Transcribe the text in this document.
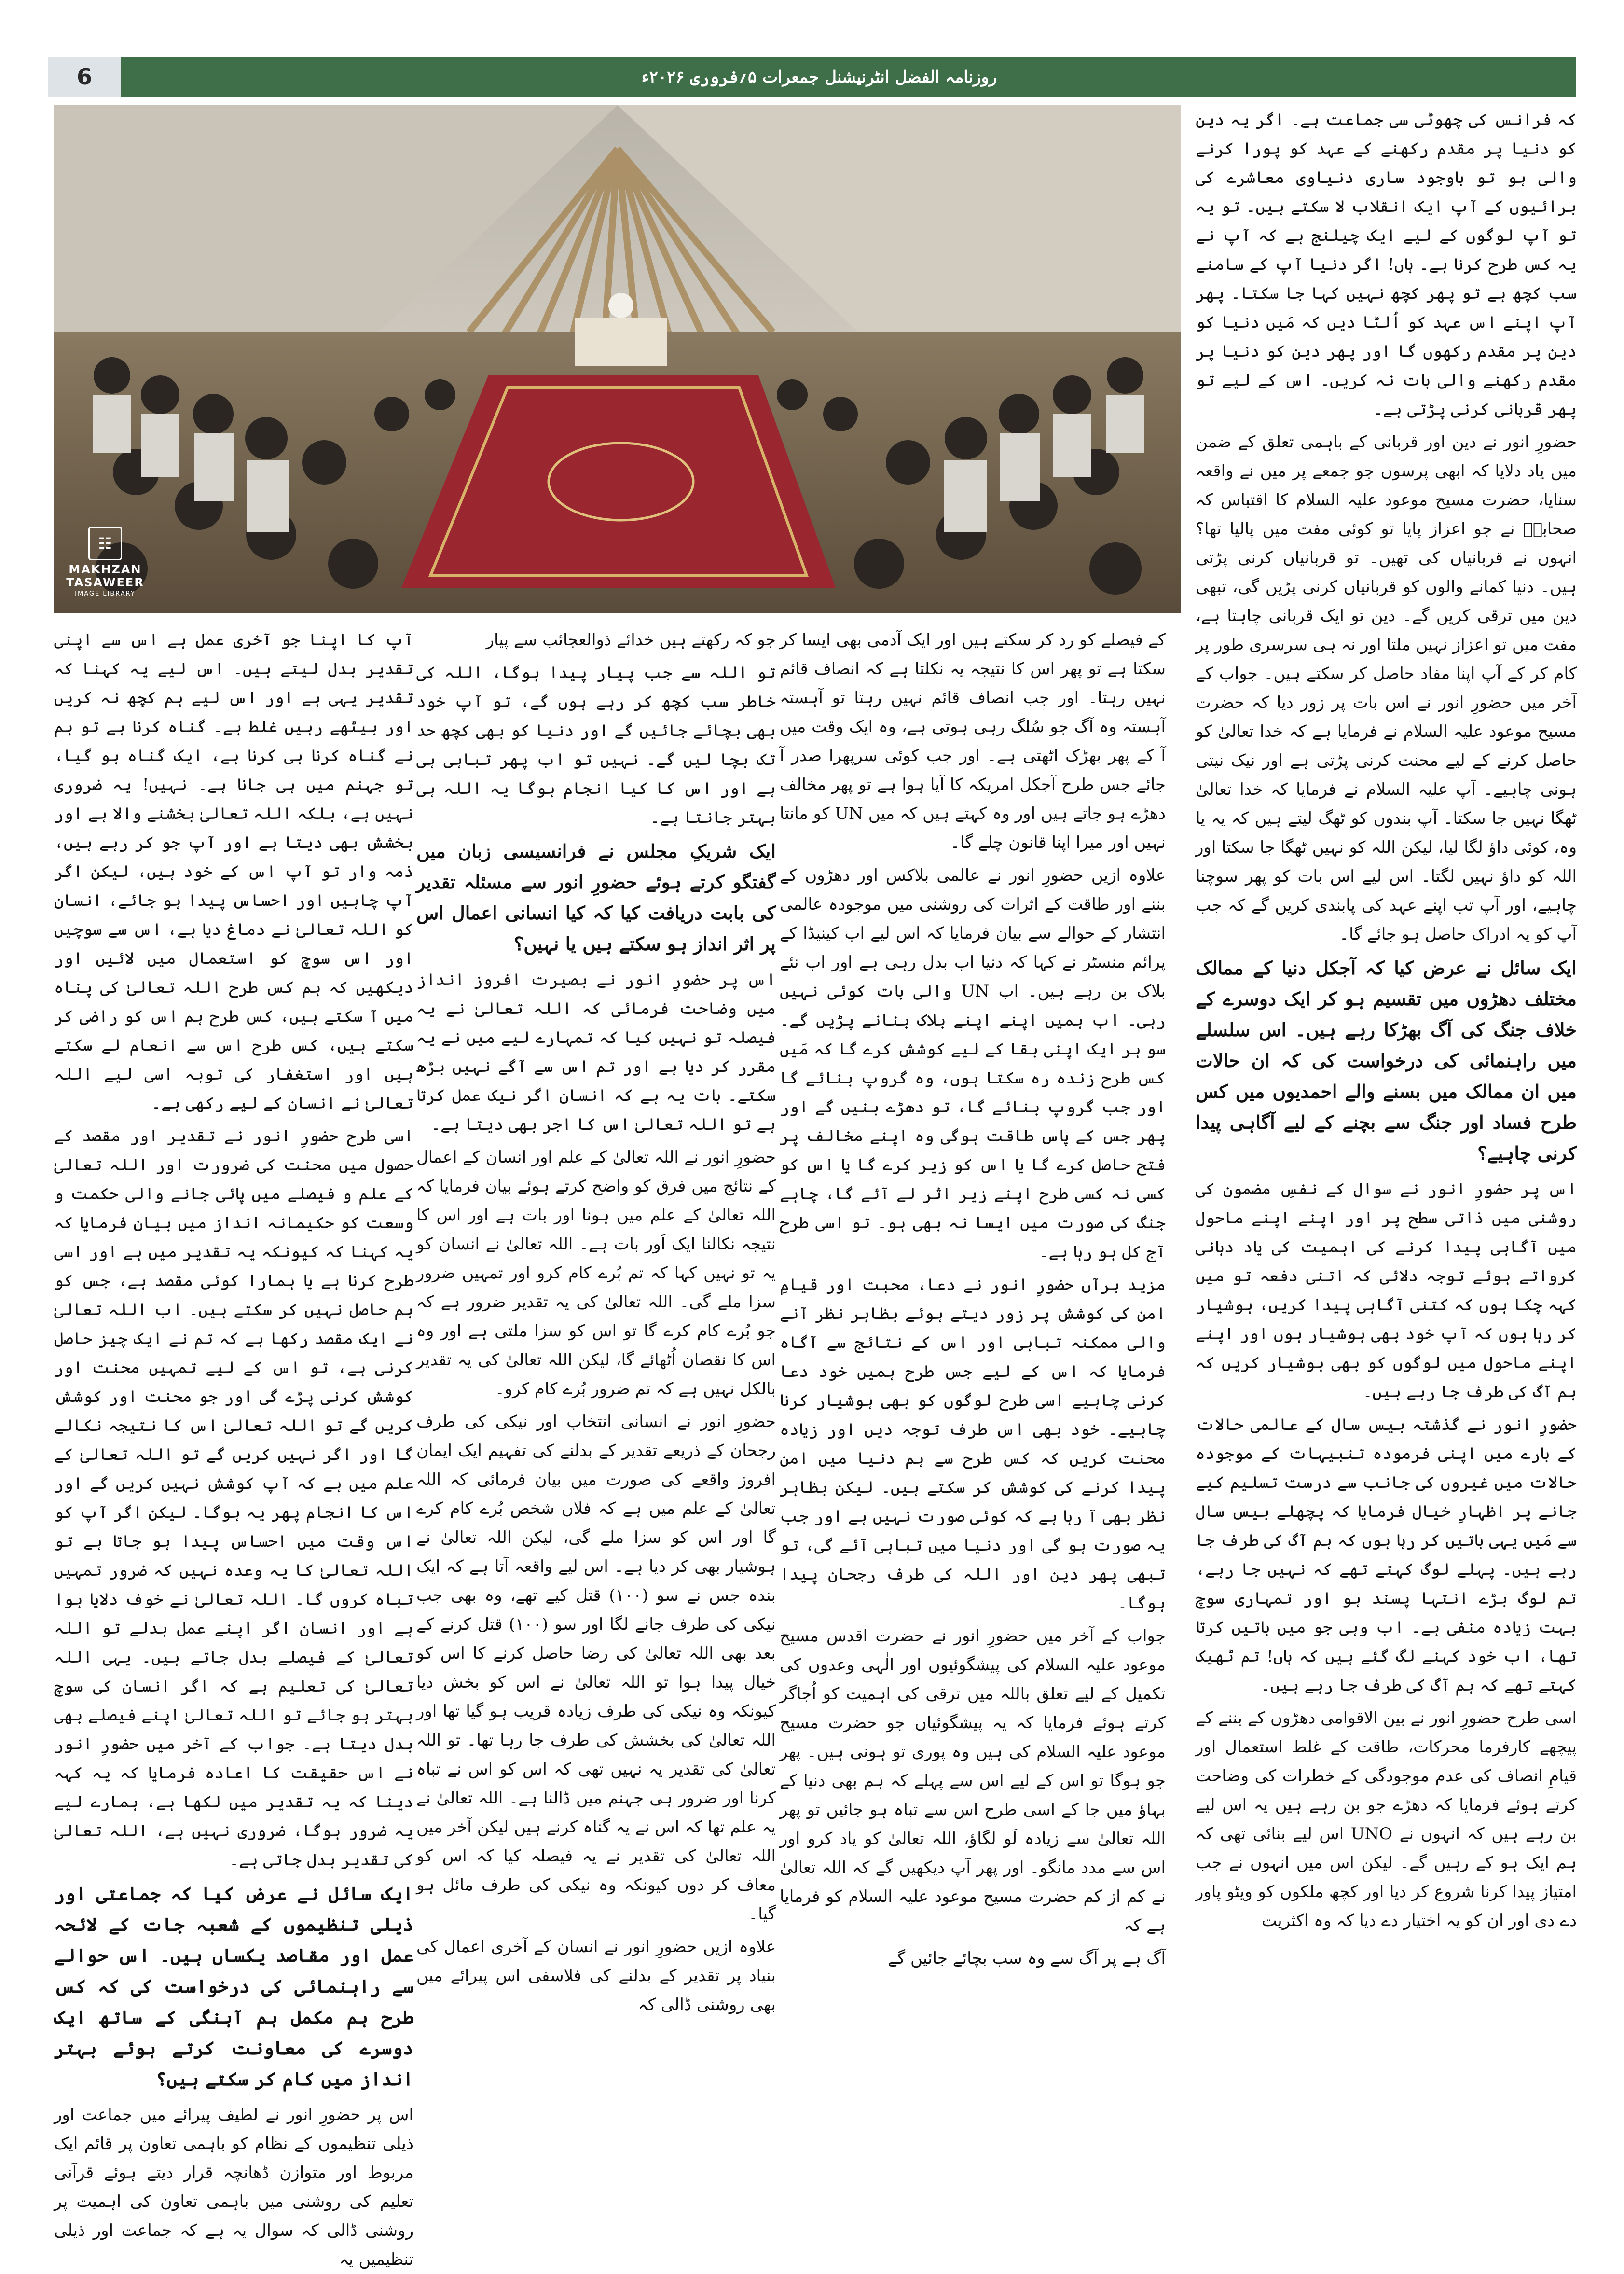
6	روزنامہ الفضل انٹرنیشنل جمعرات ۵؍فروری ۲۰۲۶ء
☷
MAKHZAN
TASAWEER
IMAGE LIBRARY

کہ فرانس کی چھوٹی سی جماعت ہے۔ اگر یہ دین کو دنیا پر مقدم رکھنے کے عہد کو پورا کرنے والی ہو تو باوجود ساری دنیاوی معاشرے کی برائیوں کے آپ ایک انقلاب لا سکتے ہیں۔ تو یہ تو آپ لوگوں کے لیے ایک چیلنج ہے کہ آپ نے یہ کس طرح کرنا ہے۔ ہاں! اگر دنیا آپ کے سامنے سب کچھ ہے تو پھر کچھ نہیں کہا جا سکتا۔ پھر آپ اپنے اس عہد کو اُلٹا دیں کہ مَیں دنیا کو دین پر مقدم رکھوں گا اور پھر دین کو دنیا پر مقدم رکھنے والی بات نہ کریں۔ اس کے لیے تو پھر قربانی کرنی پڑتی ہے۔

حضورِ انور نے دین اور قربانی کے باہمی تعلق کے ضمن میں یاد دلایا کہ ابھی پرسوں جو جمعے پر میں نے واقعہ سنایا، حضرت مسیح موعود علیہ السلام کا اقتباس کہ صحابہؓ نے جو اعزاز پایا تو کوئی مفت میں پالیا تھا؟ انہوں نے قربانیاں کی تھیں۔ تو قربانیاں کرنی پڑتی ہیں۔ دنیا کمانے والوں کو قربانیاں کرنی پڑیں گی، تبھی دین میں ترقی کریں گے۔ دین تو ایک قربانی چاہتا ہے، مفت میں تو اعزاز نہیں ملتا اور نہ ہی سرسری طور پر کام کر کے آپ اپنا مفاد حاصل کر سکتے ہیں۔ جواب کے آخر میں حضورِ انور نے اس بات پر زور دیا کہ حضرت مسیح موعود علیہ السلام نے فرمایا ہے کہ خدا تعالیٰ کو حاصل کرنے کے لیے محنت کرنی پڑتی ہے اور نیک نیتی ہونی چاہیے۔ آپ علیہ السلام نے فرمایا کہ خدا تعالیٰ ٹھگا نہیں جا سکتا۔ آپ بندوں کو ٹھگ لیتے ہیں کہ یہ یا وہ، کوئی داؤ لگا لیا، لیکن اللہ کو نہیں ٹھگا جا سکتا اور اللہ کو داؤ نہیں لگتا۔ اس لیے اس بات کو پھر سوچنا چاہیے، اور آپ تب اپنے عہد کی پابندی کریں گے کہ جب آپ کو یہ ادراک حاصل ہو جائے گا۔

ایک سائل نے عرض کیا کہ آجکل دنیا کے ممالک مختلف دھڑوں میں تقسیم ہو کر ایک دوسرے کے خلاف جنگ کی آگ بھڑکا رہے ہیں۔ اس سلسلے میں راہنمائی کی درخواست کی کہ ان حالات میں ان ممالک میں بسنے والے احمدیوں میں کس طرح فساد اور جنگ سے بچنے کے لیے آگاہی پیدا کرنی چاہیے؟

اس پر حضورِ انور نے سوال کے نفسِ مضمون کی روشنی میں ذاتی سطح پر اور اپنے اپنے ماحول میں آگاہی پیدا کرنے کی اہمیت کی یاد دہانی کرواتے ہوئے توجہ دلائی کہ اتنی دفعہ تو میں کہہ چکا ہوں کہ کتنی آگاہی پیدا کریں، ہوشیار کر رہا ہوں کہ آپ خود بھی ہوشیار ہوں اور اپنے اپنے ماحول میں لوگوں کو بھی ہوشیار کریں کہ ہم آگ کی طرف جا رہے ہیں۔

حضورِ انور نے گذشتہ بیس سال کے عالمی حالات کے بارے میں اپنی فرمودہ تنبیہات کے موجودہ حالات میں غیروں کی جانب سے درست تسلیم کیے جانے پر اظہارِ خیال فرمایا کہ پچھلے بیس سال سے مَیں یہی باتیں کر رہا ہوں کہ ہم آگ کی طرف جا رہے ہیں۔ پہلے لوگ کہتے تھے کہ نہیں جا رہے، تم لوگ بڑے انتہا پسند ہو اور تمہاری سوچ بہت زیادہ منفی ہے۔ اب وہی جو میں باتیں کرتا تھا، اب خود کہنے لگ گئے ہیں کہ ہاں! تم ٹھیک کہتے تھے کہ ہم آگ کی طرف جا رہے ہیں۔

اسی طرح حضورِ انور نے بین الاقوامی دھڑوں کے بننے کے پیچھے کارفرما محرکات، طاقت کے غلط استعمال اور قیامِ انصاف کی عدم موجودگی کے خطرات کی وضاحت کرتے ہوئے فرمایا کہ دھڑے جو بن رہے ہیں یہ اس لیے بن رہے ہیں کہ انہوں نے UNO اس لیے بنائی تھی کہ ہم ایک ہو کے رہیں گے۔ لیکن اس میں انہوں نے جب امتیاز پیدا کرنا شروع کر دیا اور کچھ ملکوں کو ویٹو پاور دے دی اور ان کو یہ اختیار دے دیا کہ وہ اکثریت

کے فیصلے کو رد کر سکتے ہیں اور ایک آدمی بھی ایسا کر سکتا ہے تو پھر اس کا نتیجہ یہ نکلتا ہے کہ انصاف قائم نہیں رہتا۔ اور جب انصاف قائم نہیں رہتا تو آہستہ آہستہ وہ آگ جو سُلگ رہی ہوتی ہے، وہ ایک وقت میں آ کے پھر بھڑک اٹھتی ہے۔ اور جب کوئی سرپھرا صدر آ جائے جس طرح آجکل امریکہ کا آیا ہوا ہے تو پھر مخالف دھڑے ہو جاتے ہیں اور وہ کہتے ہیں کہ میں UN کو مانتا نہیں اور میرا اپنا قانون چلے گا۔

علاوہ ازیں حضورِ انور نے عالمی بلاکس اور دھڑوں کے بننے اور طاقت کے اثرات کی روشنی میں موجودہ عالمی انتشار کے حوالے سے بیان فرمایا کہ اس لیے اب کینیڈا کے پرائم منسٹر نے کہا کہ دنیا اب بدل رہی ہے اور اب نئے بلاک بن رہے ہیں۔ اب UN والی بات کوئی نہیں رہی۔ اب ہمیں اپنے اپنے بلاک بنانے پڑیں گے۔ سو ہر ایک اپنی بقا کے لیے کوشش کرے گا کہ مَیں کس طرح زندہ رہ سکتا ہوں، وہ گروپ بنائے گا اور جب گروپ بنائے گا، تو دھڑے بنیں گے اور پھر جس کے پاس طاقت ہوگی وہ اپنے مخالف پر فتح حاصل کرے گا یا اس کو زیر کرے گا یا اس کو کسی نہ کسی طرح اپنے زیر اثر لے آئے گا، چاہے جنگ کی صورت میں ایسا نہ بھی ہو۔ تو اسی طرح آج کل ہو رہا ہے۔

مزید برآں حضورِ انور نے دعا، محبت اور قیامِ امن کی کوشش پر زور دیتے ہوئے بظاہر نظر آنے والی ممکنہ تباہی اور اس کے نتائج سے آگاہ فرمایا کہ اس کے لیے جس طرح ہمیں خود دعا کرنی چاہیے اسی طرح لوگوں کو بھی ہوشیار کرنا چاہیے۔ خود بھی اس طرف توجہ دیں اور زیادہ محنت کریں کہ کس طرح سے ہم دنیا میں امن پیدا کرنے کی کوشش کر سکتے ہیں۔ لیکن بظاہر نظر بھی آ رہا ہے کہ کوئی صورت نہیں ہے اور جب یہ صورت ہو گی اور دنیا میں تباہی آئے گی، تو تبھی پھر دین اور اللہ کی طرف رجحان پیدا ہوگا۔

جواب کے آخر میں حضورِ انور نے حضرت اقدس مسیح موعود علیہ السلام کی پیشگوئیوں اور الٰہی وعدوں کی تکمیل کے لیے تعلق باللہ میں ترقی کی اہمیت کو اُجاگر کرتے ہوئے فرمایا کہ یہ پیشگوئیاں جو حضرت مسیح موعود علیہ السلام کی ہیں وہ پوری تو ہونی ہیں۔ پھر جو ہوگا تو اس کے لیے اس سے پہلے کہ ہم بھی دنیا کے بہاؤ میں جا کے اسی طرح اس سے تباہ ہو جائیں تو پھر اللہ تعالیٰ سے زیادہ لَو لگاؤ، اللہ تعالیٰ کو یاد کرو اور اس سے مدد مانگو۔ اور پھر آپ دیکھیں گے کہ اللہ تعالیٰ نے کم از کم حضرت مسیح موعود علیہ السلام کو فرمایا ہے کہ

آگ ہے پر آگ سے وہ سب بچائے جائیں گے

جو کہ رکھتے ہیں خدائے ذوالعجائب سے پیار

تو اللہ سے جب پیار پیدا ہوگا، اللہ کی خاطر سب کچھ کر رہے ہوں گے، تو آپ خود بھی بچائے جائیں گے اور دنیا کو بھی کچھ حد تک بچا لیں گے۔ نہیں تو اب پھر تباہی ہی ہے اور اس کا کیا انجام ہوگا یہ اللہ ہی بہتر جانتا ہے۔

ایک شریکِ مجلس نے فرانسیسی زبان میں گفتگو کرتے ہوئے حضورِ انور سے مسئلہ تقدیر کی بابت دریافت کیا کہ کیا انسانی اعمال اس پر اثر انداز ہو سکتے ہیں یا نہیں؟

اس پر حضورِ انور نے بصیرت افروز انداز میں وضاحت فرمائی کہ اللہ تعالیٰ نے یہ فیصلہ تو نہیں کیا کہ تمہارے لیے میں نے یہ مقرر کر دیا ہے اور تم اس سے آگے نہیں بڑھ سکتے۔ بات یہ ہے کہ انسان اگر نیک عمل کرتا ہے تو اللہ تعالیٰ اس کا اجر بھی دیتا ہے۔

حضورِ انور نے اللہ تعالیٰ کے علم اور انسان کے اعمال کے نتائج میں فرق کو واضح کرتے ہوئے بیان فرمایا کہ اللہ تعالیٰ کے علم میں ہونا اور بات ہے اور اس کا نتیجہ نکالنا ایک اَور بات ہے۔ اللہ تعالیٰ نے انسان کو یہ تو نہیں کہا کہ تم بُرے کام کرو اور تمہیں ضرور سزا ملے گی۔ اللہ تعالیٰ کی یہ تقدیر ضرور ہے کہ جو بُرے کام کرے گا تو اس کو سزا ملتی ہے اور وہ اس کا نقصان اُٹھائے گا، لیکن اللہ تعالیٰ کی یہ تقدیر بالکل نہیں ہے کہ تم ضرور بُرے کام کرو۔

حضورِ انور نے انسانی انتخاب اور نیکی کی طرف رجحان کے ذریعے تقدیر کے بدلنے کی تفہیم ایک ایمان افروز واقعے کی صورت میں بیان فرمائی کہ اللہ تعالیٰ کے علم میں ہے کہ فلاں شخص بُرے کام کرے گا اور اس کو سزا ملے گی، لیکن اللہ تعالیٰ نے ہوشیار بھی کر دیا ہے۔ اس لیے واقعہ آتا ہے کہ ایک بندہ جس نے سو (۱۰۰) قتل کیے تھے، وہ بھی جب نیکی کی طرف جانے لگا اور سو (۱۰۰) قتل کرنے کے بعد بھی اللہ تعالیٰ کی رضا حاصل کرنے کا اس کو خیال پیدا ہوا تو اللہ تعالیٰ نے اس کو بخش دیا کیونکہ وہ نیکی کی طرف زیادہ قریب ہو گیا تھا اور اللہ تعالیٰ کی بخشش کی طرف جا رہا تھا۔ تو اللہ تعالیٰ کی تقدیر یہ نہیں تھی کہ اس کو اس نے تباہ کرنا اور ضرور ہی جہنم میں ڈالنا ہے۔ اللہ تعالیٰ نے یہ علم تھا کہ اس نے یہ گناہ کرنے ہیں لیکن آخر میں اللہ تعالیٰ کی تقدیر نے یہ فیصلہ کیا کہ اس کو معاف کر دوں کیونکہ وہ نیکی کی طرف مائل ہو گیا۔

علاوہ ازیں حضورِ انور نے انسان کے آخری اعمال کی بنیاد پر تقدیر کے بدلنے کی فلاسفی اس پیرائے میں بھی روشنی ڈالی کہ

آپ کا اپنا جو آخری عمل ہے اس سے اپنی تقدیر بدل لیتے ہیں۔ اس لیے یہ کہنا کہ تقدیر یہی ہے اور اس لیے ہم کچھ نہ کریں اور بیٹھے رہیں غلط ہے۔ گناہ کرنا ہے تو ہم نے گناہ کرنا ہی کرنا ہے، ایک گناہ ہو گیا، تو جہنم میں ہی جانا ہے۔ نہیں! یہ ضروری نہیں ہے، بلکہ اللہ تعالیٰ بخشنے والا ہے اور بخشش بھی دیتا ہے اور آپ جو کر رہے ہیں، ذمہ وار تو آپ اس کے خود ہیں، لیکن اگر آپ چاہیں اور احساس پیدا ہو جائے، انسان کو اللہ تعالیٰ نے دماغ دیا ہے، اس سے سوچیں اور اس سوچ کو استعمال میں لائیں اور دیکھیں کہ ہم کس طرح اللہ تعالیٰ کی پناہ میں آ سکتے ہیں، کس طرح ہم اس کو راضی کر سکتے ہیں، کس طرح اس سے انعام لے سکتے ہیں اور استغفار کی توبہ اسی لیے اللہ تعالیٰ نے انسان کے لیے رکھی ہے۔

اسی طرح حضورِ انور نے تقدیر اور مقصد کے حصول میں محنت کی ضرورت اور اللہ تعالیٰ کے علم و فیصلے میں پائی جانے والی حکمت و وسعت کو حکیمانہ انداز میں بیان فرمایا کہ یہ کہنا کہ کیونکہ یہ تقدیر میں ہے اور اسی طرح کرنا ہے یا ہمارا کوئی مقصد ہے، جس کو ہم حاصل نہیں کر سکتے ہیں۔ اب اللہ تعالیٰ نے ایک مقصد رکھا ہے کہ تم نے ایک چیز حاصل کرنی ہے، تو اس کے لیے تمہیں محنت اور کوشش کرنی پڑے گی اور جو محنت اور کوشش کریں گے تو اللہ تعالیٰ اس کا نتیجہ نکالے گا اور اگر نہیں کریں گے تو اللہ تعالیٰ کے علم میں ہے کہ آپ کوشش نہیں کریں گے اور اس کا انجام پھر یہ ہوگا۔ لیکن اگر آپ کو اس وقت میں احساس پیدا ہو جاتا ہے تو اللہ تعالیٰ کا یہ وعدہ نہیں کہ ضرور تمہیں تباہ کروں گا۔ اللہ تعالیٰ نے خوف دلایا ہوا ہے اور انسان اگر اپنے عمل بدلے تو اللہ تعالیٰ کے فیصلے بدل جاتے ہیں۔ یہی اللہ تعالیٰ کی تعلیم ہے کہ اگر انسان کی سوچ بہتر ہو جائے تو اللہ تعالیٰ اپنے فیصلے بھی بدل دیتا ہے۔ جواب کے آخر میں حضورِ انور نے اس حقیقت کا اعادہ فرمایا کہ یہ کہہ دینا کہ یہ تقدیر میں لکھا ہے، ہمارے لیے یہ ضرور ہوگا، ضروری نہیں ہے، اللہ تعالیٰ کی تقدیر بدل جاتی ہے۔

ایک سائل نے عرض کیا کہ جماعتی اور ذیلی تنظیموں کے شعبہ جات کے لائحہ عمل اور مقاصد یکساں ہیں۔ اس حوالے سے راہنمائی کی درخواست کی کہ کس طرح ہم مکمل ہم آہنگی کے ساتھ ایک دوسرے کی معاونت کرتے ہوئے بہتر انداز میں کام کر سکتے ہیں؟

اس پر حضورِ انور نے لطیف پیرائے میں جماعت اور ذیلی تنظیموں کے نظام کو باہمی تعاون پر قائم ایک مربوط اور متوازن ڈھانچہ قرار دیتے ہوئے قرآنی تعلیم کی روشنی میں باہمی تعاون کی اہمیت پر روشنی ڈالی کہ سوال یہ ہے کہ جماعت اور ذیلی تنظیمیں یہ
